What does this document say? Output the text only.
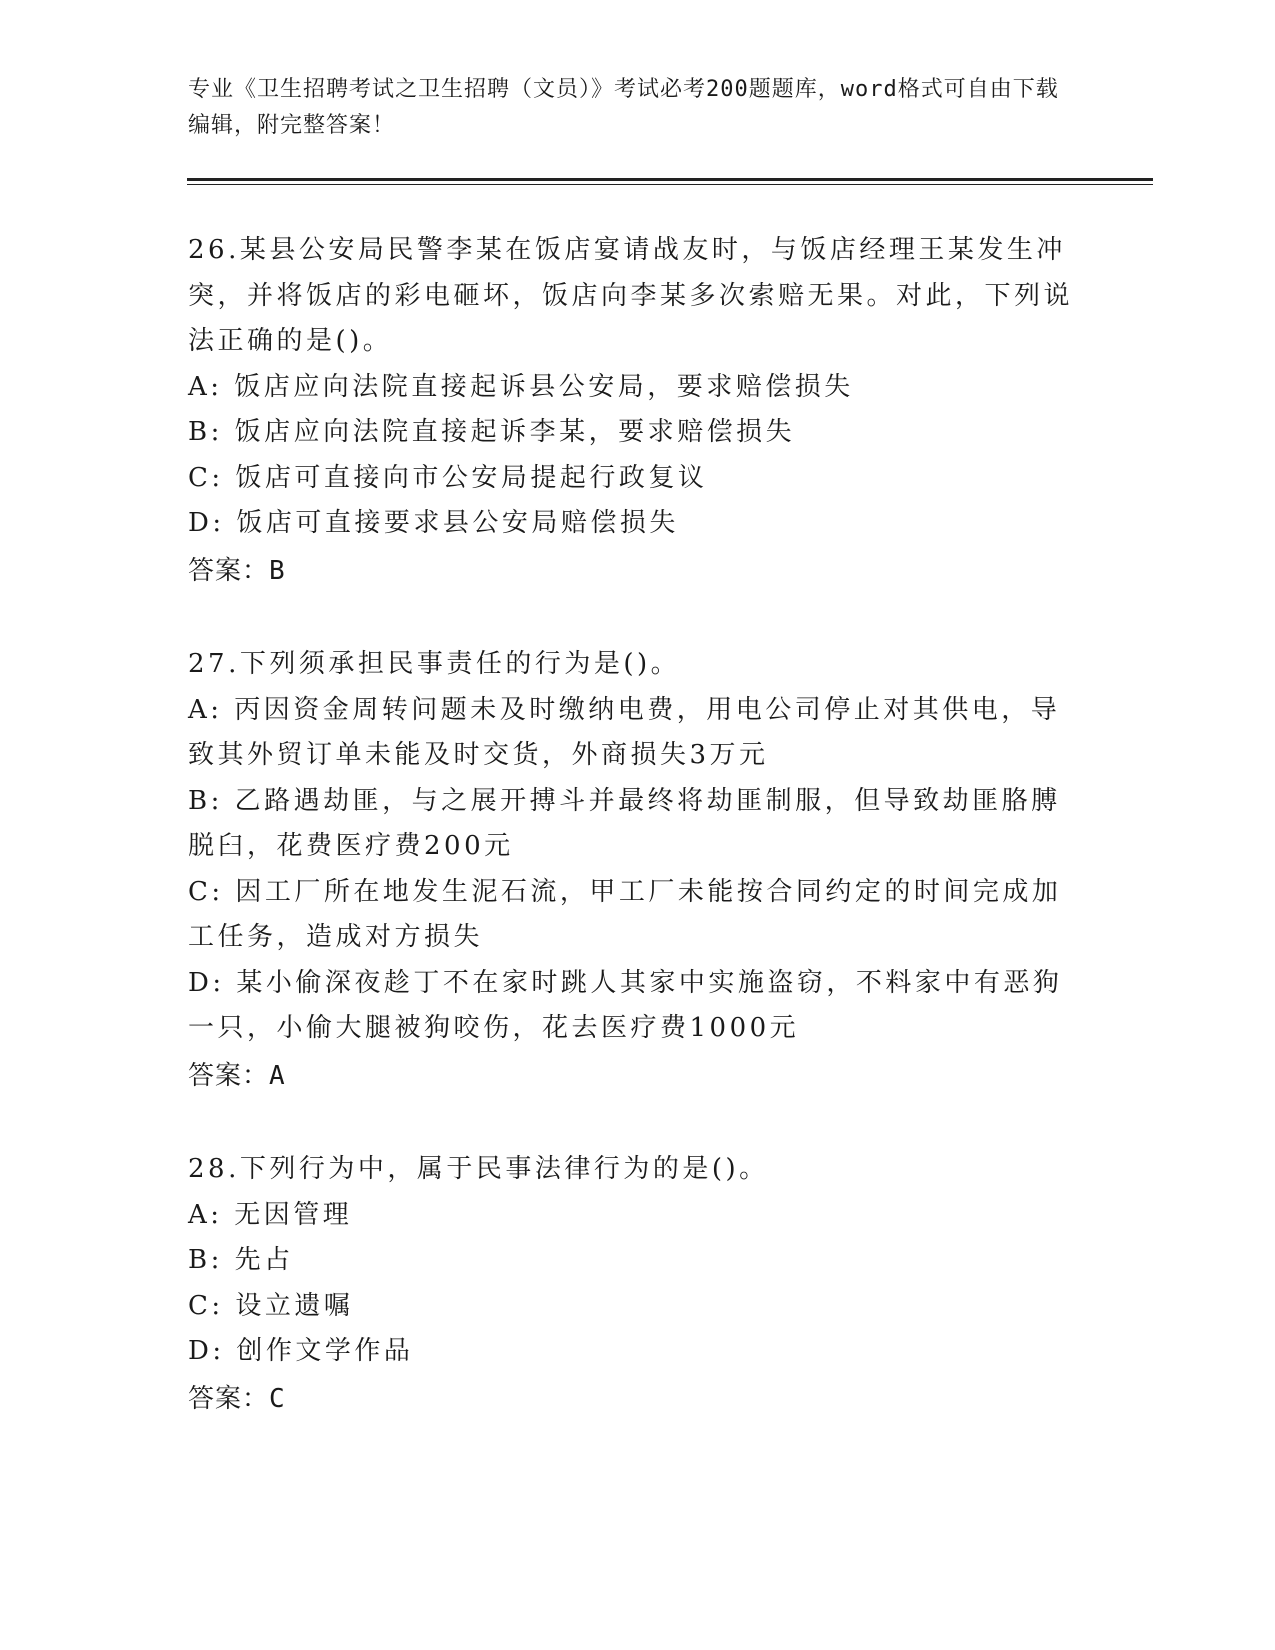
专业《卫生招聘考试之卫生招聘（文员）》考试必考200题题库，word格式可自由下载编辑，附完整答案！
26.某县公安局民警李某在饭店宴请战友时，与饭店经理王某发生冲突，并将饭店的彩电砸坏，饭店向李某多次索赔无果。对此，下列说法正确的是()。
A: 饭店应向法院直接起诉县公安局，要求赔偿损失
B: 饭店应向法院直接起诉李某，要求赔偿损失
C: 饭店可直接向市公安局提起行政复议
D: 饭店可直接要求县公安局赔偿损失
答案：B
27.下列须承担民事责任的行为是()。
A: 丙因资金周转问题未及时缴纳电费，用电公司停止对其供电，导致其外贸订单未能及时交货，外商损失3万元
B: 乙路遇劫匪，与之展开搏斗并最终将劫匪制服，但导致劫匪胳膊脱臼，花费医疗费200元
C: 因工厂所在地发生泥石流，甲工厂未能按合同约定的时间完成加工任务，造成对方损失
D: 某小偷深夜趁丁不在家时跳人其家中实施盗窃，不料家中有恶狗一只，小偷大腿被狗咬伤，花去医疗费1000元
答案：A
28.下列行为中，属于民事法律行为的是()。
A: 无因管理
B: 先占
C: 设立遗嘱
D: 创作文学作品
答案：C
